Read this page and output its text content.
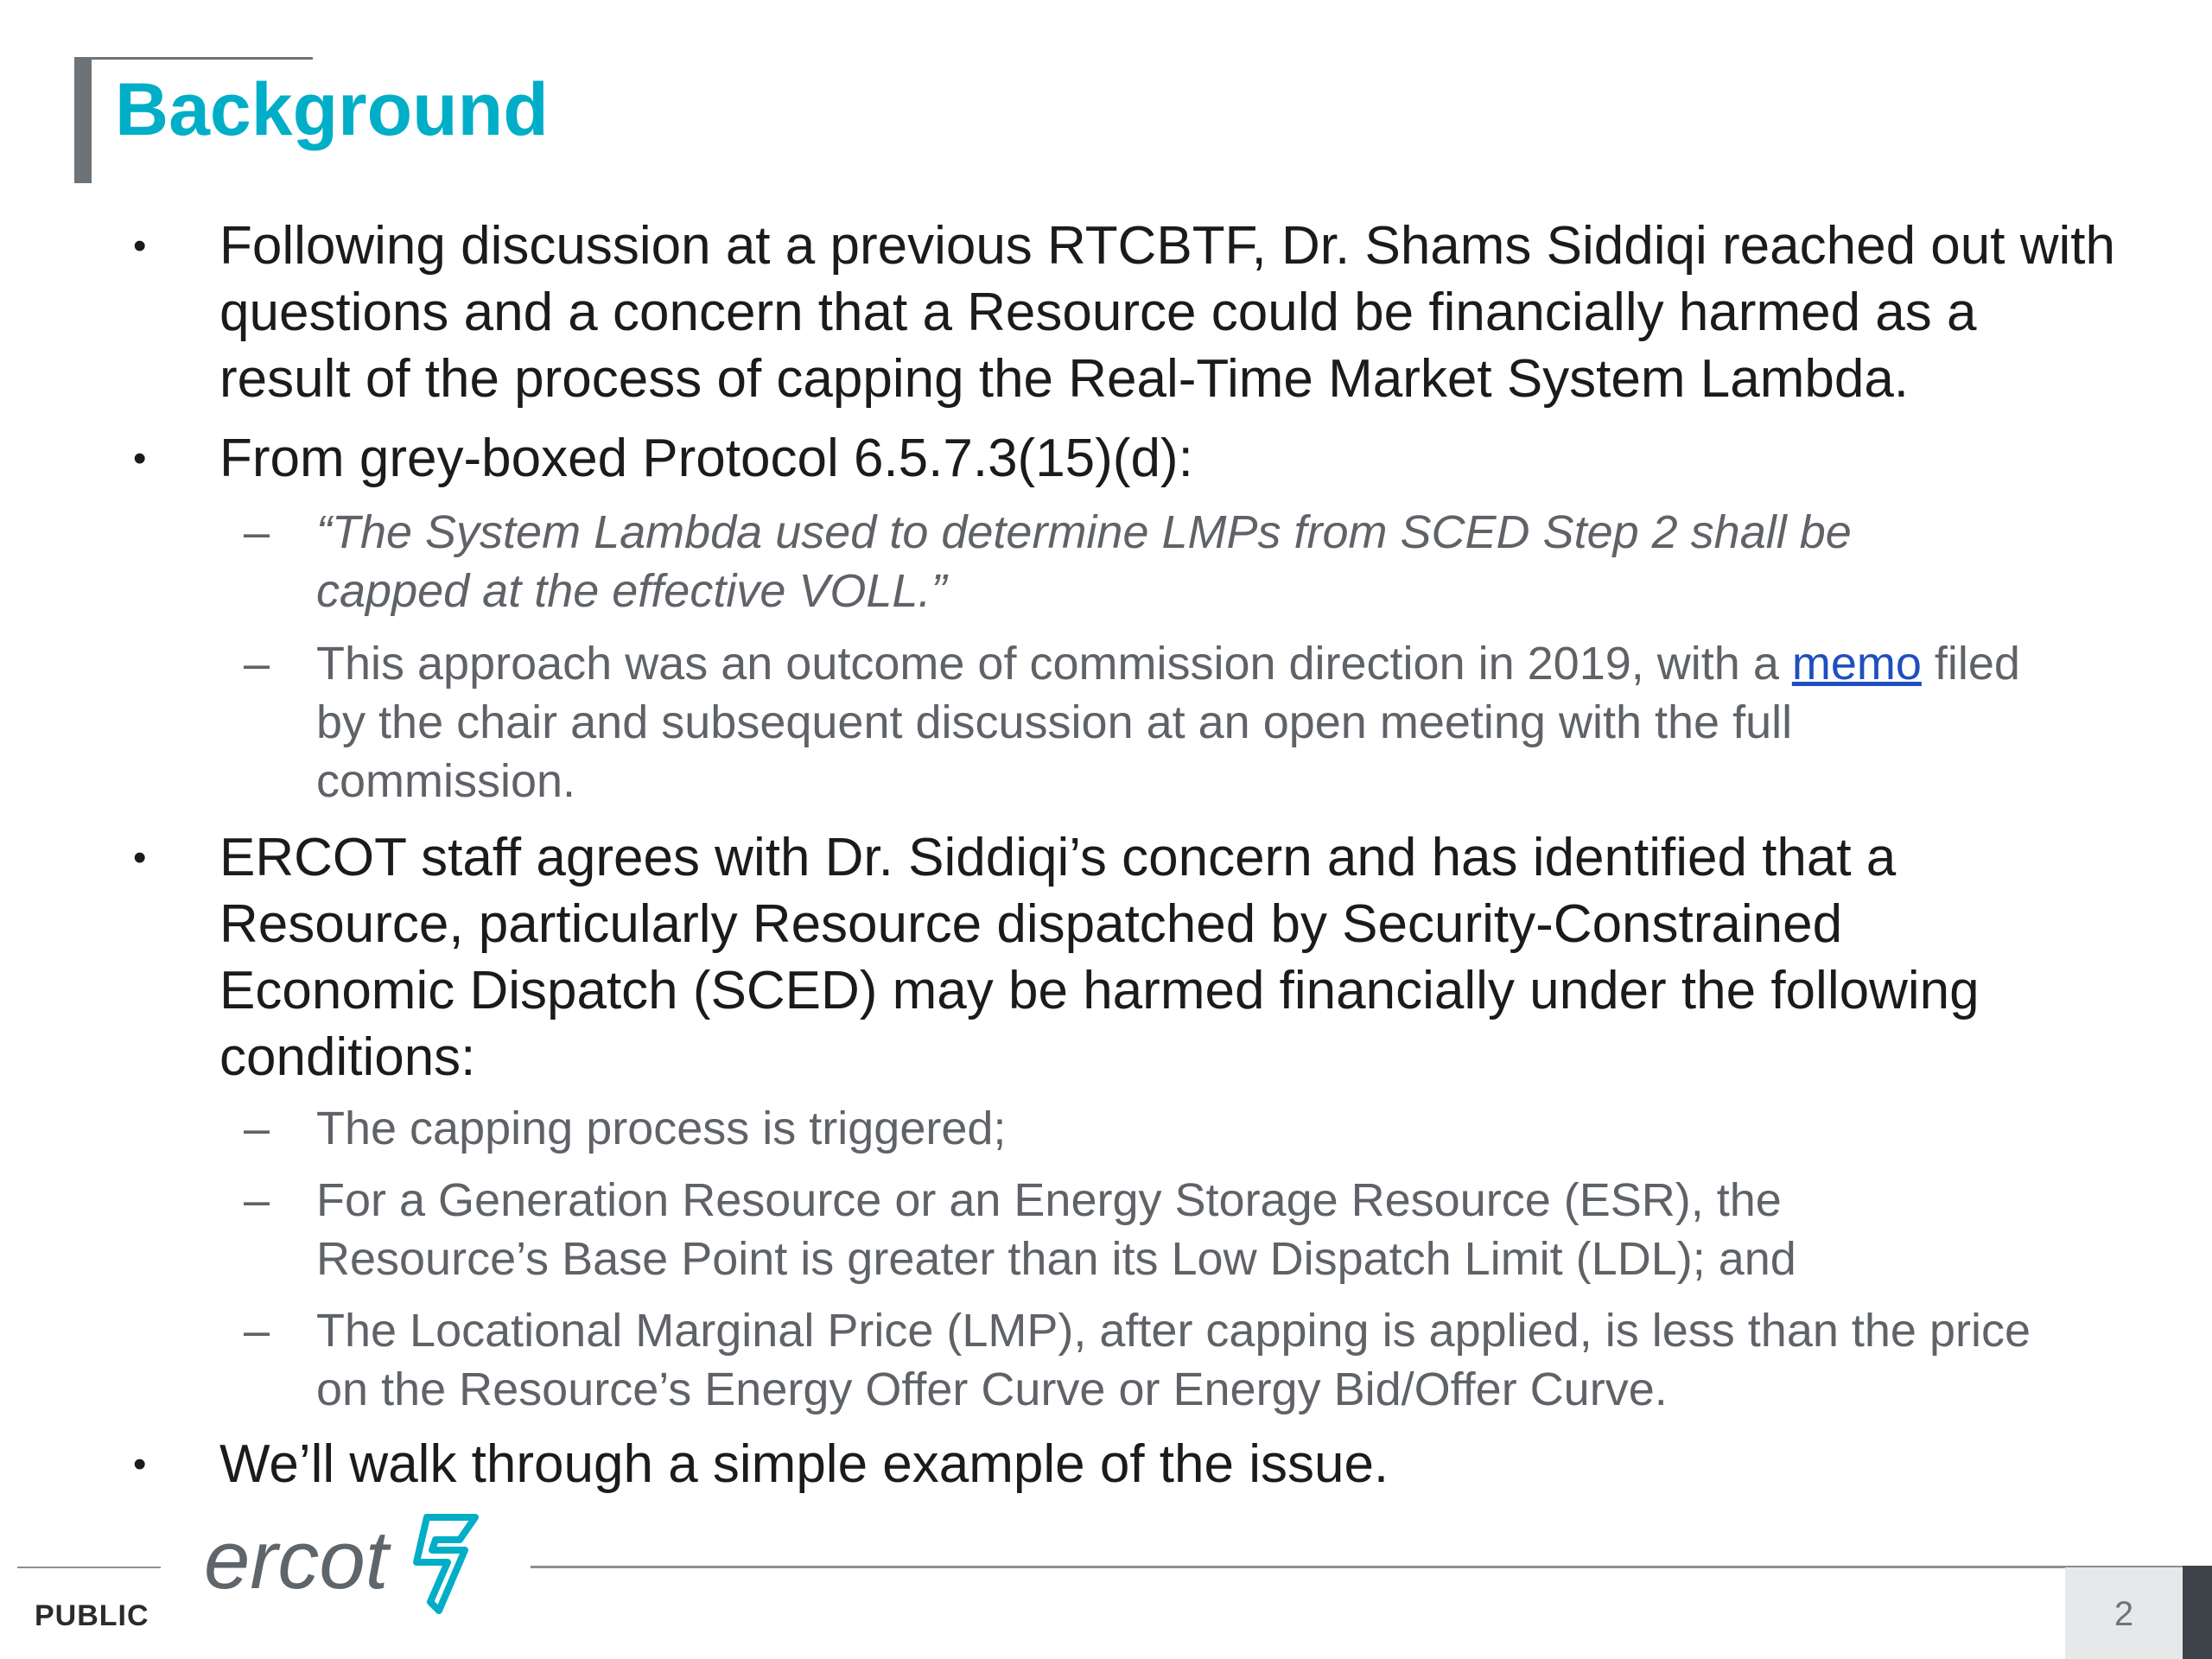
Background
•	Following discussion at a previous RTCBTF, Dr. Shams Siddiqi reached out with questions and a concern that a Resource could be financially harmed as a result of the process of capping the Real-Time Market System Lambda.
•	From grey-boxed Protocol 6.5.7.3(15)(d):
– “The System Lambda used to determine LMPs from SCED Step 2 shall be capped at the effective VOLL.”
– This approach was an outcome of commission direction in 2019, with a memo filed by the chair and subsequent discussion at an open meeting with the full commission.
•	ERCOT staff agrees with Dr. Siddiqi’s concern and has identified that a Resource, particularly Resource dispatched by Security-Constrained Economic Dispatch (SCED) may be harmed financially under the following conditions:
– The capping process is triggered;
– For a Generation Resource or an Energy Storage Resource (ESR), the Resource’s Base Point is greater than its Low Dispatch Limit (LDL); and
– The Locational Marginal Price (LMP), after capping is applied, is less than the price on the Resource’s Energy Offer Curve or Energy Bid/Offer Curve.
•	We’ll walk through a simple example of the issue.
ercot
PUBLIC	2
